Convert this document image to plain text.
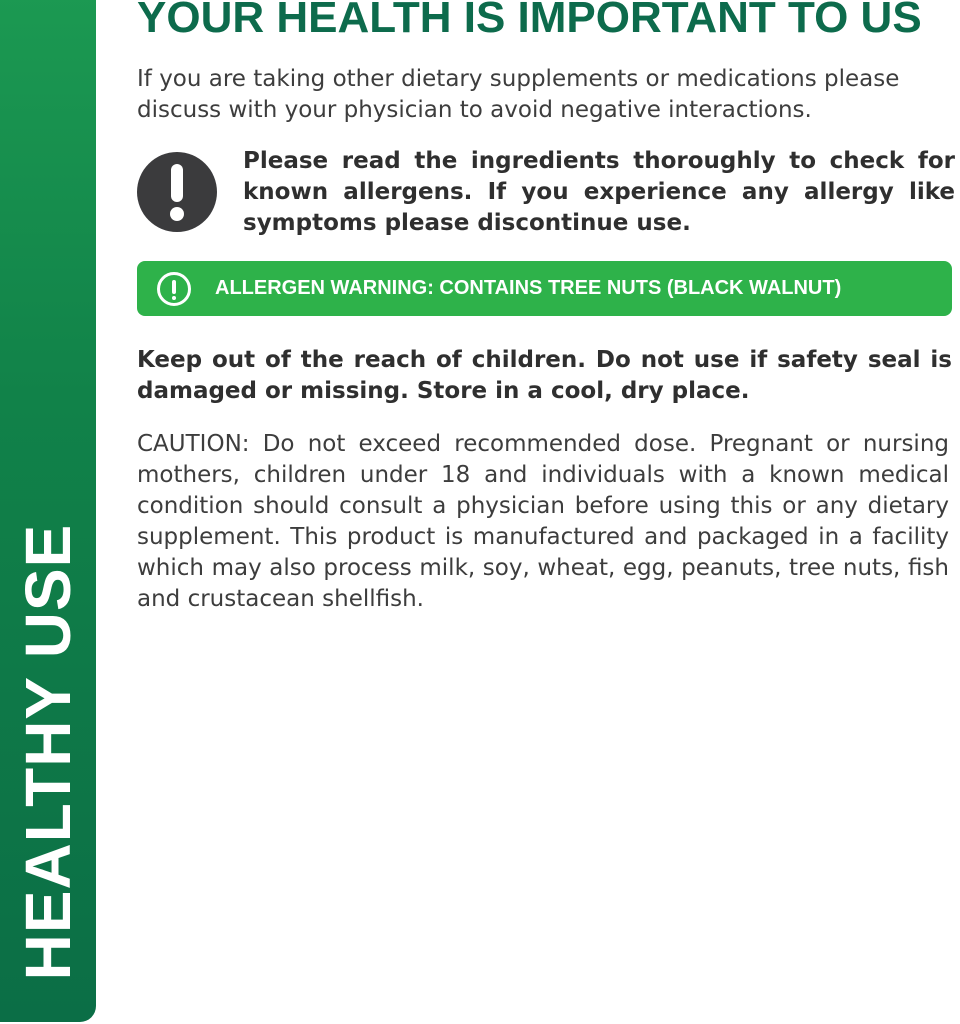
HEALTHY USE
YOUR HEALTH IS IMPORTANT TO US

If you are taking other dietary supplements or medications please discuss with your physician to avoid negative interactions.

Please read the ingredients thoroughly to check for known allergens. If you experience any allergy like symptoms please discontinue use.

ALLERGEN WARNING: CONTAINS TREE NUTS (BLACK WALNUT)

Keep out of the reach of children. Do not use if safety seal is damaged or missing. Store in a cool, dry place.

CAUTION: Do not exceed recommended dose. Pregnant or nursing mothers, children under 18 and individuals with a known medical condition should consult a physician before using this or any dietary supplement. This product is manufactured and packaged in a facility which may also process milk, soy, wheat, egg, peanuts, tree nuts, fish and crustacean shellfish.
